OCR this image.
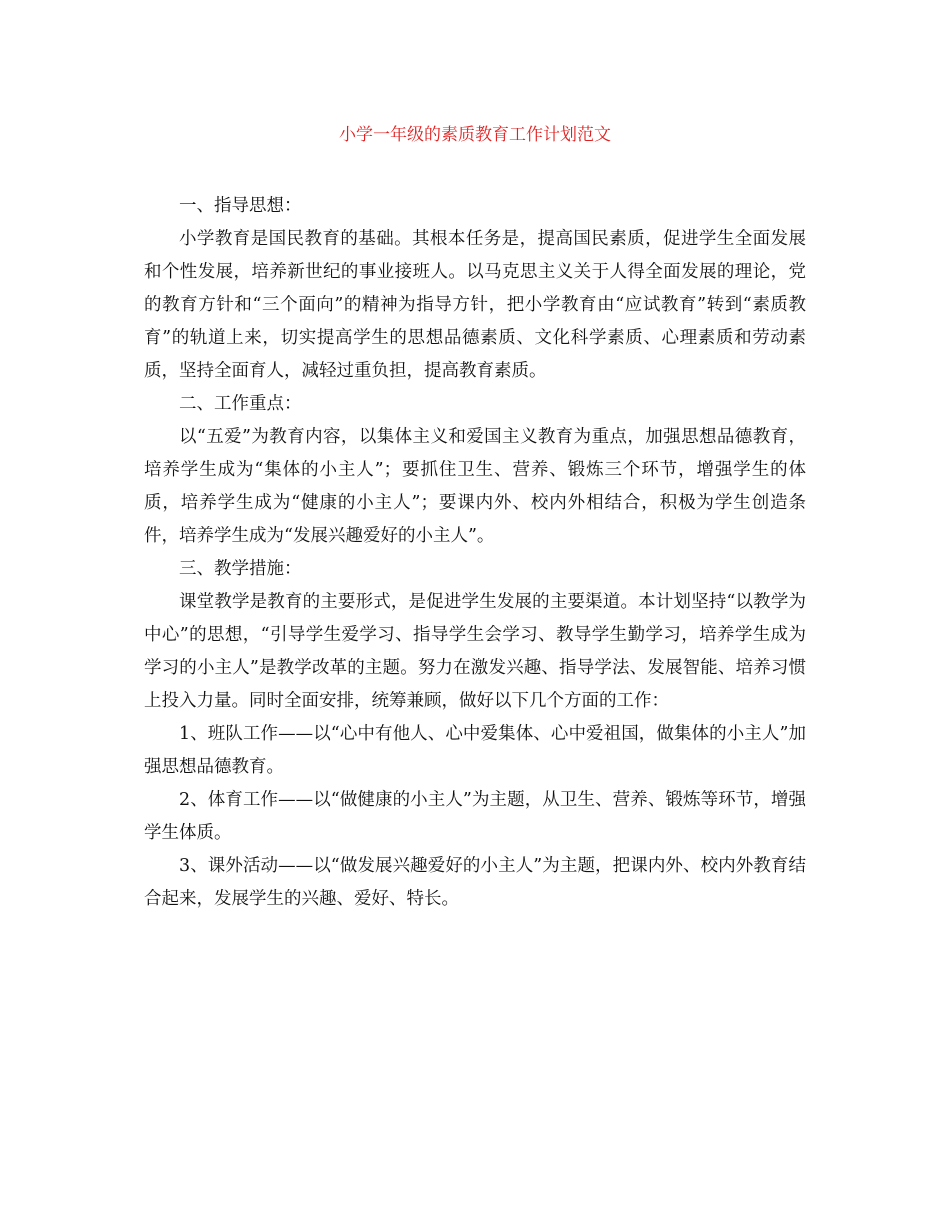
小学一年级的素质教育工作计划范文

一、指导思想：

小学教育是国民教育的基础。其根本任务是，提高国民素质，促进学生全面发展和个性发展，培养新世纪的事业接班人。以马克思主义关于人得全面发展的理论，党的教育方针和“三个面向”的精神为指导方针，把小学教育由“应试教育”转到“素质教育”的轨道上来，切实提高学生的思想品德素质、文化科学素质、心理素质和劳动素质，坚持全面育人，减轻过重负担，提高教育素质。

二、工作重点：

以“五爱”为教育内容，以集体主义和爱国主义教育为重点，加强思想品德教育，培养学生成为“集体的小主人”；要抓住卫生、营养、锻炼三个环节，增强学生的体质，培养学生成为“健康的小主人”；要课内外、校内外相结合，积极为学生创造条件，培养学生成为“发展兴趣爱好的小主人”。

三、教学措施：

课堂教学是教育的主要形式，是促进学生发展的主要渠道。本计划坚持“以教学为中心”的思想，“引导学生爱学习、指导学生会学习、教导学生勤学习，培养学生成为学习的小主人”是教学改革的主题。努力在激发兴趣、指导学法、发展智能、培养习惯上投入力量。同时全面安排，统筹兼顾，做好以下几个方面的工作：

1、班队工作——以“心中有他人、心中爱集体、心中爱祖国，做集体的小主人”加强思想品德教育。

2、体育工作——以“做健康的小主人”为主题，从卫生、营养、锻炼等环节，增强学生体质。

3、课外活动——以“做发展兴趣爱好的小主人”为主题，把课内外、校内外教育结合起来，发展学生的兴趣、爱好、特长。
